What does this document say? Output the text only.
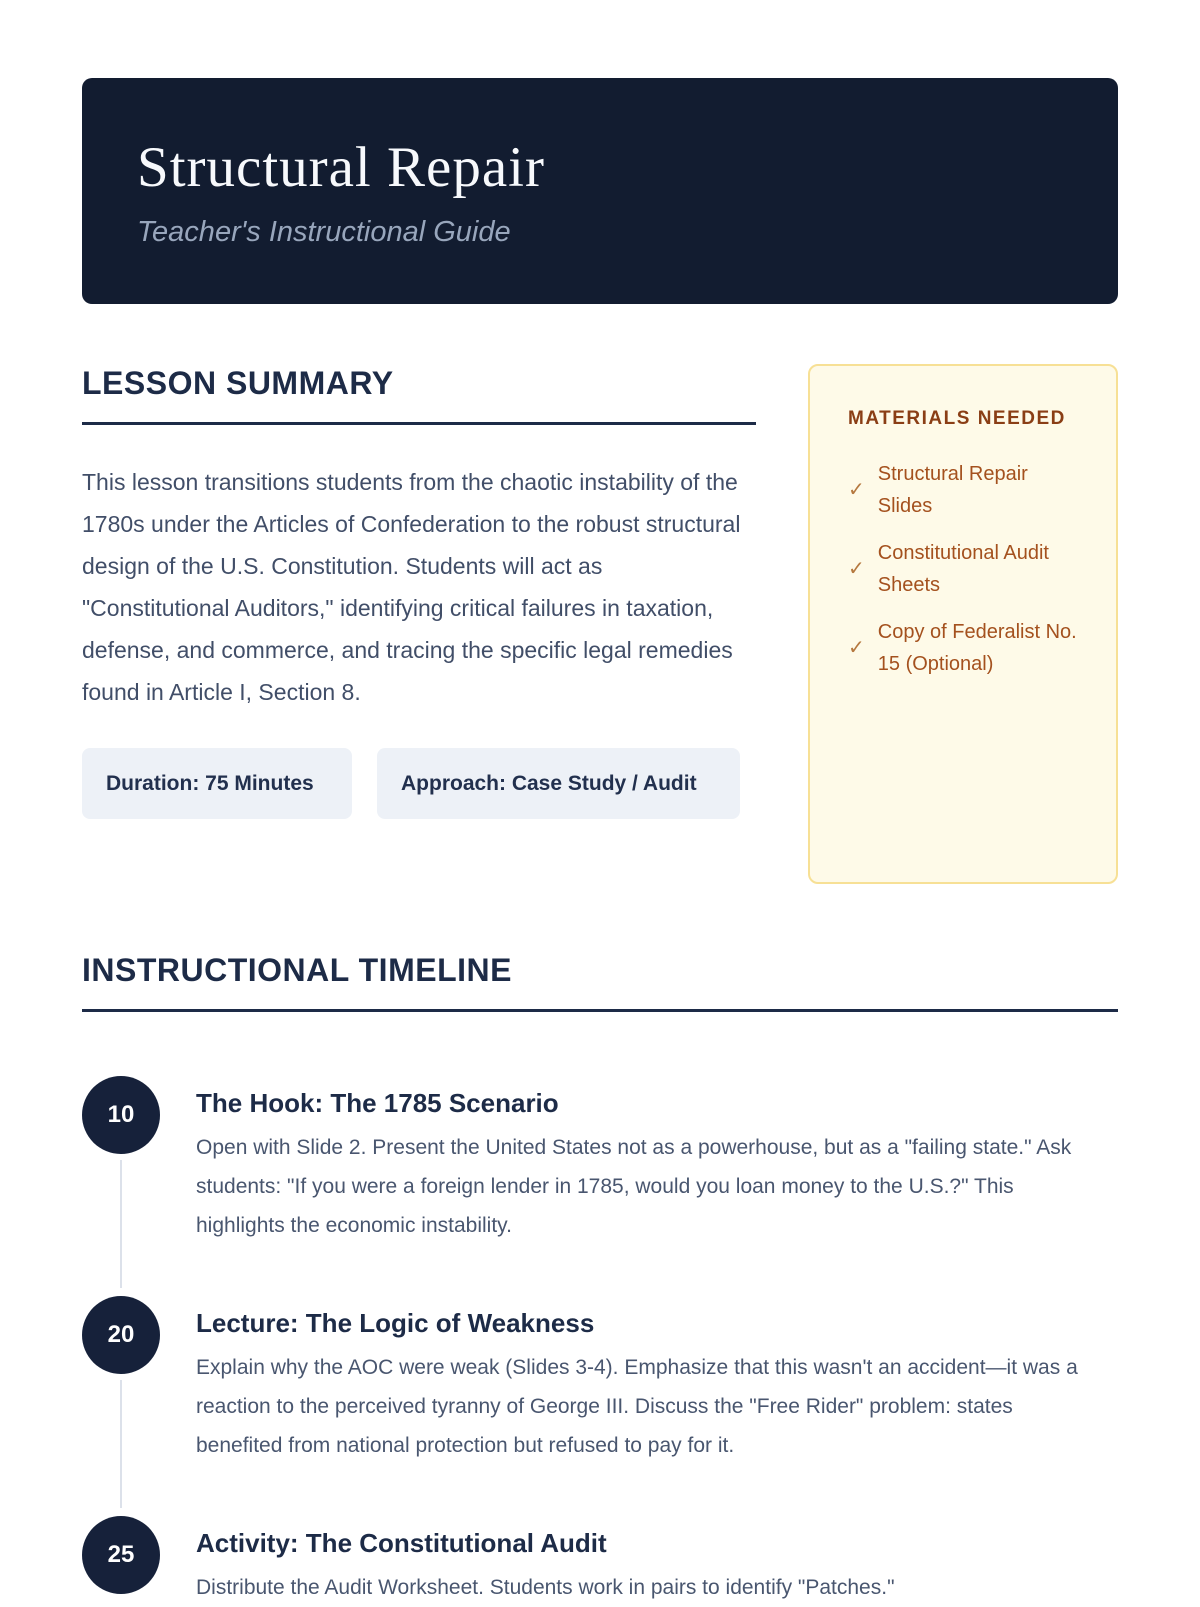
Structural Repair

Teacher's Instructional Guide

LESSON SUMMARY

This lesson transitions students from the chaotic instability of the 1780s under the Articles of Confederation to the robust structural design of the U.S. Constitution. Students will act as "Constitutional Auditors," identifying critical failures in taxation, defense, and commerce, and tracing the specific legal remedies found in Article I, Section 8.

Duration: 75 Minutes	Approach: Case Study / Audit
MATERIALS NEEDED
✓
Structural Repair Slides
✓
Constitutional Audit Sheets
✓
Copy of Federalist No. 15 (Optional)
INSTRUCTIONAL TIMELINE
10	The Hook: The 1785 Scenario
Open with Slide 2. Present the United States not as a powerhouse, but as a "failing state." Ask students: "If you were a foreign lender in 1785, would you loan money to the U.S.?" This highlights the economic instability.
20	Lecture: The Logic of Weakness
Explain why the AOC were weak (Slides 3-4). Emphasize that this wasn't an accident—it was a reaction to the perceived tyranny of George III. Discuss the "Free Rider" problem: states benefited from national protection but refused to pay for it.
25	Activity: The Constitutional Audit
Distribute the Audit Worksheet. Students work in pairs to identify "Patches."
